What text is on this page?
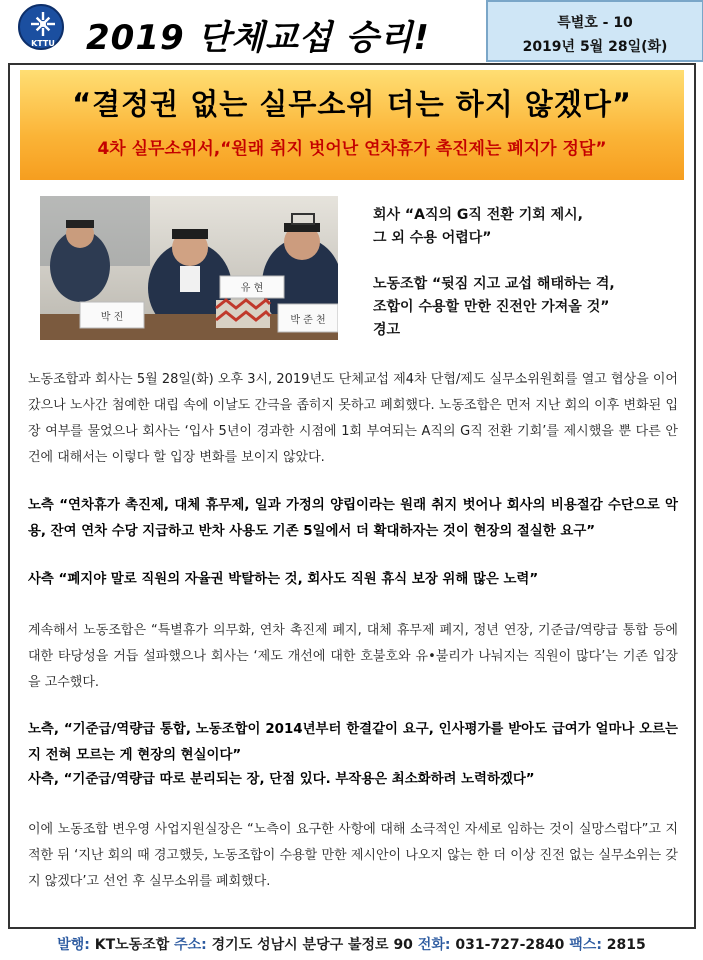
KTTU 2019 단체교섭 승리!	특별호 - 10
2019년 5월 28일(화)
“결정권 없는 실무소위 더는 하지 않겠다”
4차 실무소위서,“원래 취지 벗어난 연차휴가 촉진제는 폐지가 정답”
박 진
유 현
박 준 천
회사 “A직의 G직 전환 기회 제시,
그 외 수용 어렵다”
노동조합 “뒷짐 지고 교섭 해태하는 격,
조합이 수용할 만한 진전안 가져올 것”
경고
노동조합과 회사는 5월 28일(화) 오후 3시, 2019년도 단체교섭 제4차 단협/제도 실무소위원회를 열고 협상을 이어갔으나 노사간 첨예한 대립 속에 이날도 간극을 좁히지 못하고 폐회했다. 노동조합은 먼저 지난 회의 이후 변화된 입장 여부를 물었으나 회사는 ‘입사 5년이 경과한 시점에 1회 부여되는 A직의 G직 전환 기회’를 제시했을 뿐 다른 안건에 대해서는 이렇다 할 입장 변화를 보이지 않았다.
노측 “연차휴가 촉진제, 대체 휴무제, 일과 가정의 양립이라는 원래 취지 벗어나 회사의 비용절감 수단으로 악용, 잔여 연차 수당 지급하고 반차 사용도 기존 5일에서 더 확대하자는 것이 현장의 절실한 요구”
사측 “폐지야 말로 직원의 자율권 박탈하는 것, 회사도 직원 휴식 보장 위해 많은 노력”
계속해서 노동조합은 “특별휴가 의무화, 연차 촉진제 폐지, 대체 휴무제 폐지, 정년 연장, 기준급/역량급 통합 등에 대한 타당성을 거듭 설파했으나 회사는 ‘제도 개선에 대한 호불호와 유•불리가 나눠지는 직원이 많다’는 기존 입장을 고수했다.
노측, “기준급/역량급 통합, 노동조합이 2014년부터 한결같이 요구, 인사평가를 받아도 급여가 얼마나 오르는지 전혀 모르는 게 현장의 현실이다”
사측, “기준급/역량급 따로 분리되는 장, 단점 있다. 부작용은 최소화하려 노력하겠다”
이에 노동조합 변우영 사업지원실장은 “노측이 요구한 사항에 대해 소극적인 자세로 임하는 것이 실망스럽다”고 지적한 뒤 ‘지난 회의 때 경고했듯, 노동조합이 수용할 만한 제시안이 나오지 않는 한 더 이상 진전 없는 실무소위는 갖지 않겠다’고 선언 후 실무소위를 폐회했다.
발행: KT노동조합 주소: 경기도 성남시 분당구 불정로 90 전화: 031-727-2840 팩스: 2815
